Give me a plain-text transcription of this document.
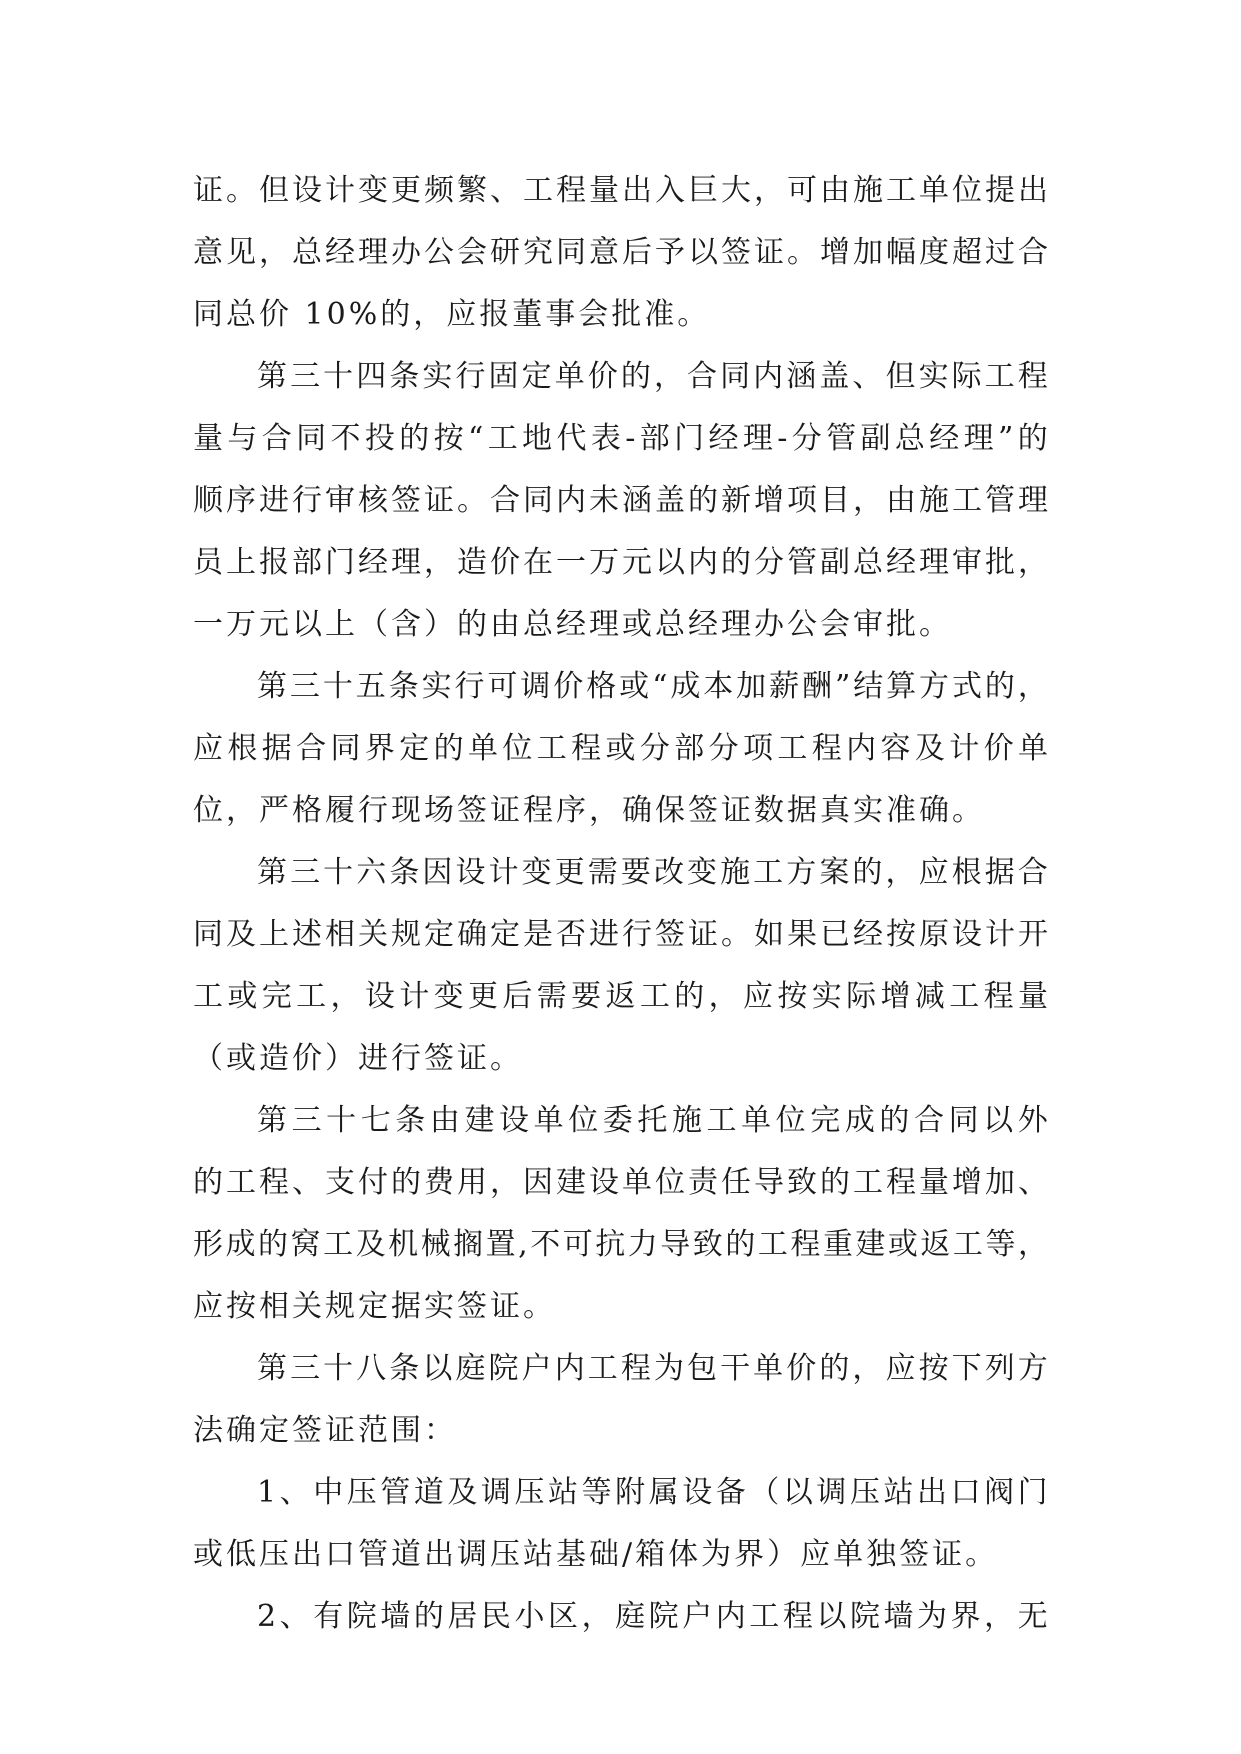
证 。 但 设 计 变 更 频 繁 、 工 程 量 出 入 巨 大 ， 可 由 施 工 单 位 提 出
意 见 ， 总 经 理 办 公 会 研 究 同 意 后 予 以 签 证 。 增 加 幅 度 超 过 合
同总价 10%的，应报董事会批准。
第 三 十 四 条 实 行 固 定 单 价 的 ， 合 同 内 涵 盖 、 但 实 际 工 程
量 与 合 同 不 投 的 按 “ 工 地 代 表 - 部 门 经 理 - 分 管 副 总 经 理 ” 的
顺 序 进 行 审 核 签 证 。 合 同 内 未 涵 盖 的 新 增 项 目 ， 由 施 工 管 理
员 上 报 部 门 经 理 ， 造 价 在 一 万 元 以 内 的 分 管 副 总 经 理 审 批 ，
一万元以上（含）的由总经理或总经理办公会审批。
第 三 十 五 条 实 行 可 调 价 格 或 “ 成 本 加 薪 酬 ” 结 算 方 式 的 ，
应 根 据 合 同 界 定 的 单 位 工 程 或 分 部 分 项 工 程 内 容 及 计 价 单
位，严格履行现场签证程序，确保签证数据真实准确。
第 三 十 六 条 因 设 计 变 更 需 要 改 变 施 工 方 案 的 ， 应 根 据 合
同 及 上 述 相 关 规 定 确 定 是 否 进 行 签 证 。 如 果 已 经 按 原 设 计 开
工 或 完 工 ， 设 计 变 更 后 需 要 返 工 的 ， 应 按 实 际 增 减 工 程 量
（或造价）进行签证。
第 三 十 七 条 由 建 设 单 位 委 托 施 工 单 位 完 成 的 合 同 以 外
的 工 程 、 支 付 的 费 用 ， 因 建 设 单 位 责 任 导 致 的 工 程 量 增 加 、
形 成 的 窝 工 及 机 械 搁 置 , 不 可 抗 力 导 致 的 工 程 重 建 或 返 工 等 ，
应按相关规定据实签证。
第 三 十 八 条 以 庭 院 户 内 工 程 为 包 干 单 价 的 ， 应 按 下 列 方
法确定签证范围：
1 、 中 压 管 道 及 调 压 站 等 附 属 设 备 （ 以 调 压 站 出 口 阀 门
或低压出口管道出调压站基础/箱体为界）应单独签证。
2 、 有 院 墙 的 居 民 小 区 ， 庭 院 户 内 工 程 以 院 墙 为 界 ， 无
